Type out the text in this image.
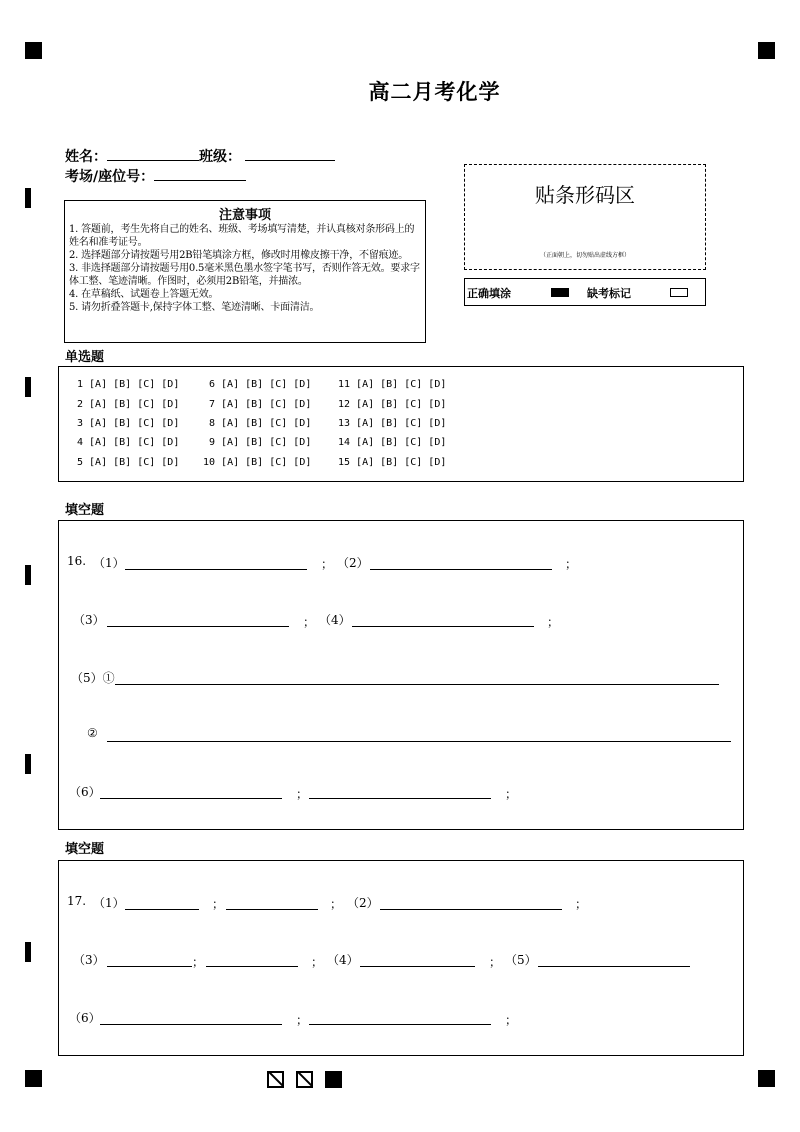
高二月考化学
姓名：	班级：
考场/座位号：
注意事项
1. 答题前，考生先将自己的姓名、班级、考场填写清楚，并认真核对条形码上的姓名和准考证号。
2. 选择题部分请按题号用2B铅笔填涂方框，修改时用橡皮擦干净，不留痕迹。
3. 非选择题部分请按题号用0.5毫米黑色墨水签字笔书写，否则作答无效。要求字体工整、笔迹清晰。作图时，必须用2B铅笔，并描浓。
4. 在草稿纸、试题卷上答题无效。
5. 请勿折叠答题卡,保持字体工整、笔迹清晰、卡面清洁。
贴条形码区
（正面朝上，切勿贴出虚线方框）
正确填涂	缺考标记
单选题
1 [A] [B] [C] [D]
2 [A] [B] [C] [D]
3 [A] [B] [C] [D]
4 [A] [B] [C] [D]
5 [A] [B] [C] [D]
6 [A] [B] [C] [D]
7 [A] [B] [C] [D]
8 [A] [B] [C] [D]
9 [A] [B] [C] [D]
10 [A] [B] [C] [D]
11 [A] [B] [C] [D]
12 [A] [B] [C] [D]
13 [A] [B] [C] [D]
14 [A] [B] [C] [D]
15 [A] [B] [C] [D]
填空题
16. （1）	； （2）	；
（3）	； （4）	；
（5）①
②
（6）	；	；
填空题
17. （1）	；	； （2）	；
（3）	；	； （4）	； （5）
（6）	；	；
